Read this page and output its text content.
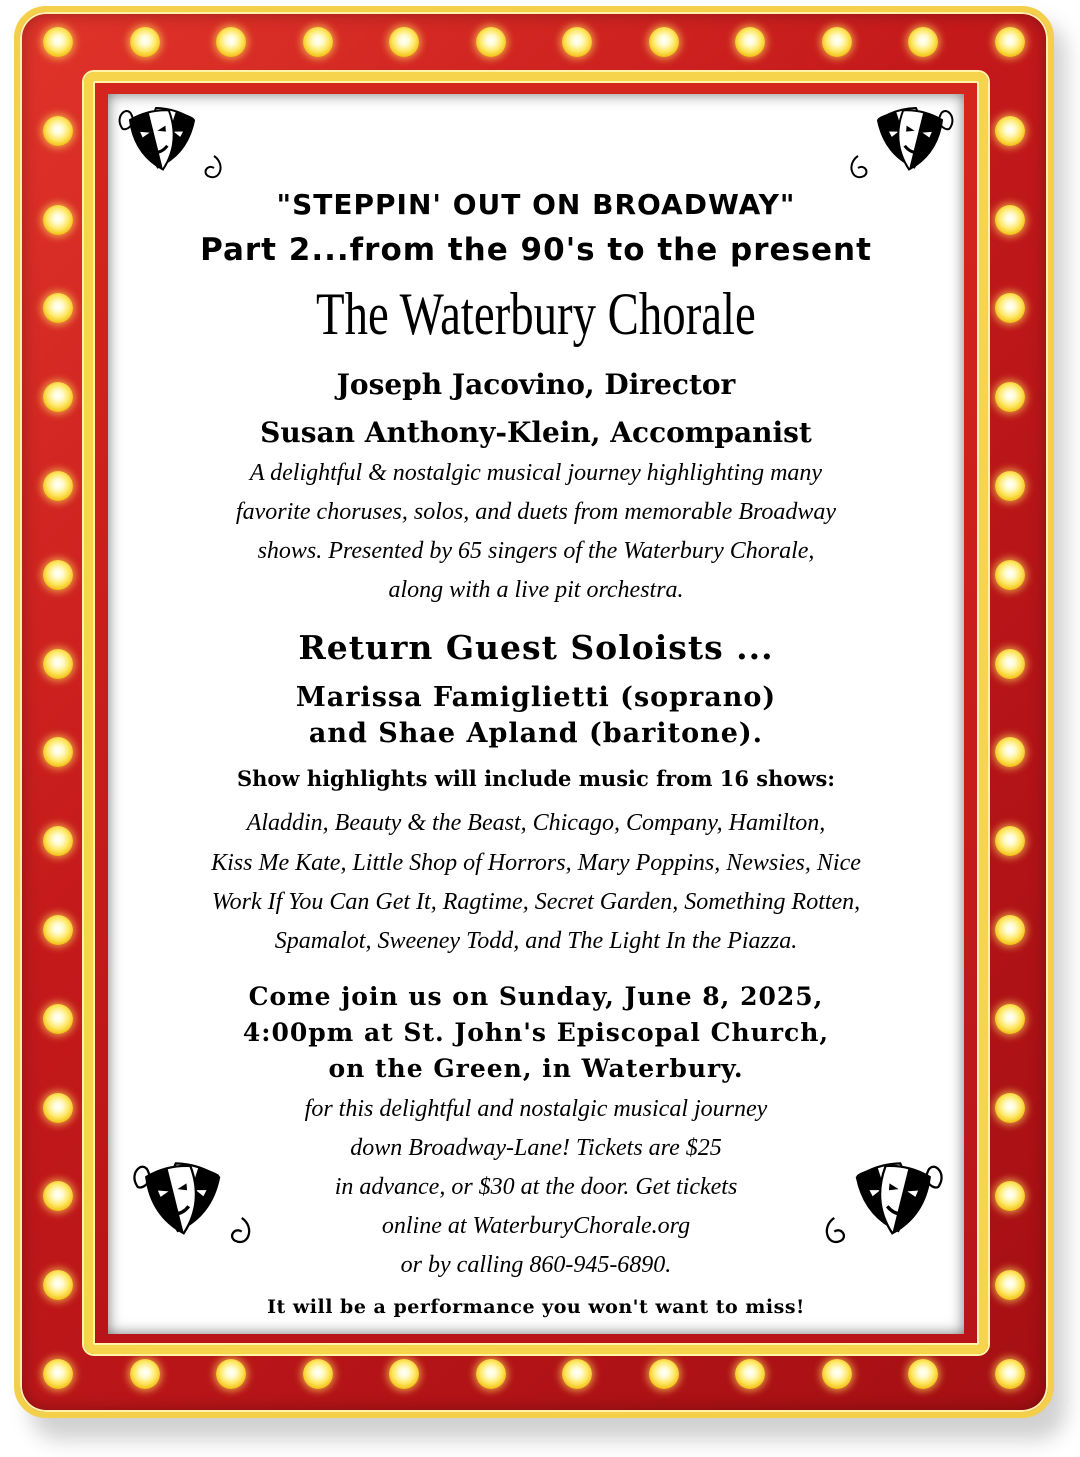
"STEPPIN' OUT ON BROADWAY"
Part 2...from the 90's to the present
The Waterbury Chorale
Joseph Jacovino, Director
Susan Anthony-Klein, Accompanist
A delightful & nostalgic musical journey highlighting many
favorite choruses, solos, and duets from memorable Broadway
shows. Presented by 65 singers of the Waterbury Chorale,
along with a live pit orchestra.
Return Guest Soloists ...
Marissa Famiglietti (soprano)
and Shae Apland (baritone).
Show highlights will include music from 16 shows:
Aladdin, Beauty & the Beast, Chicago, Company, Hamilton,
Kiss Me Kate, Little Shop of Horrors, Mary Poppins, Newsies, Nice
Work If You Can Get It, Ragtime, Secret Garden, Something Rotten,
Spamalot, Sweeney Todd, and The Light In the Piazza.
Come join us on Sunday, June 8, 2025,
4:00pm at St. John's Episcopal Church,
on the Green, in Waterbury.
for this delightful and nostalgic musical journey
down Broadway-Lane! Tickets are $25
in advance, or $30 at the door. Get tickets
online at WaterburyChorale.org
or by calling 860-945-6890.
It will be a performance you won't want to miss!
